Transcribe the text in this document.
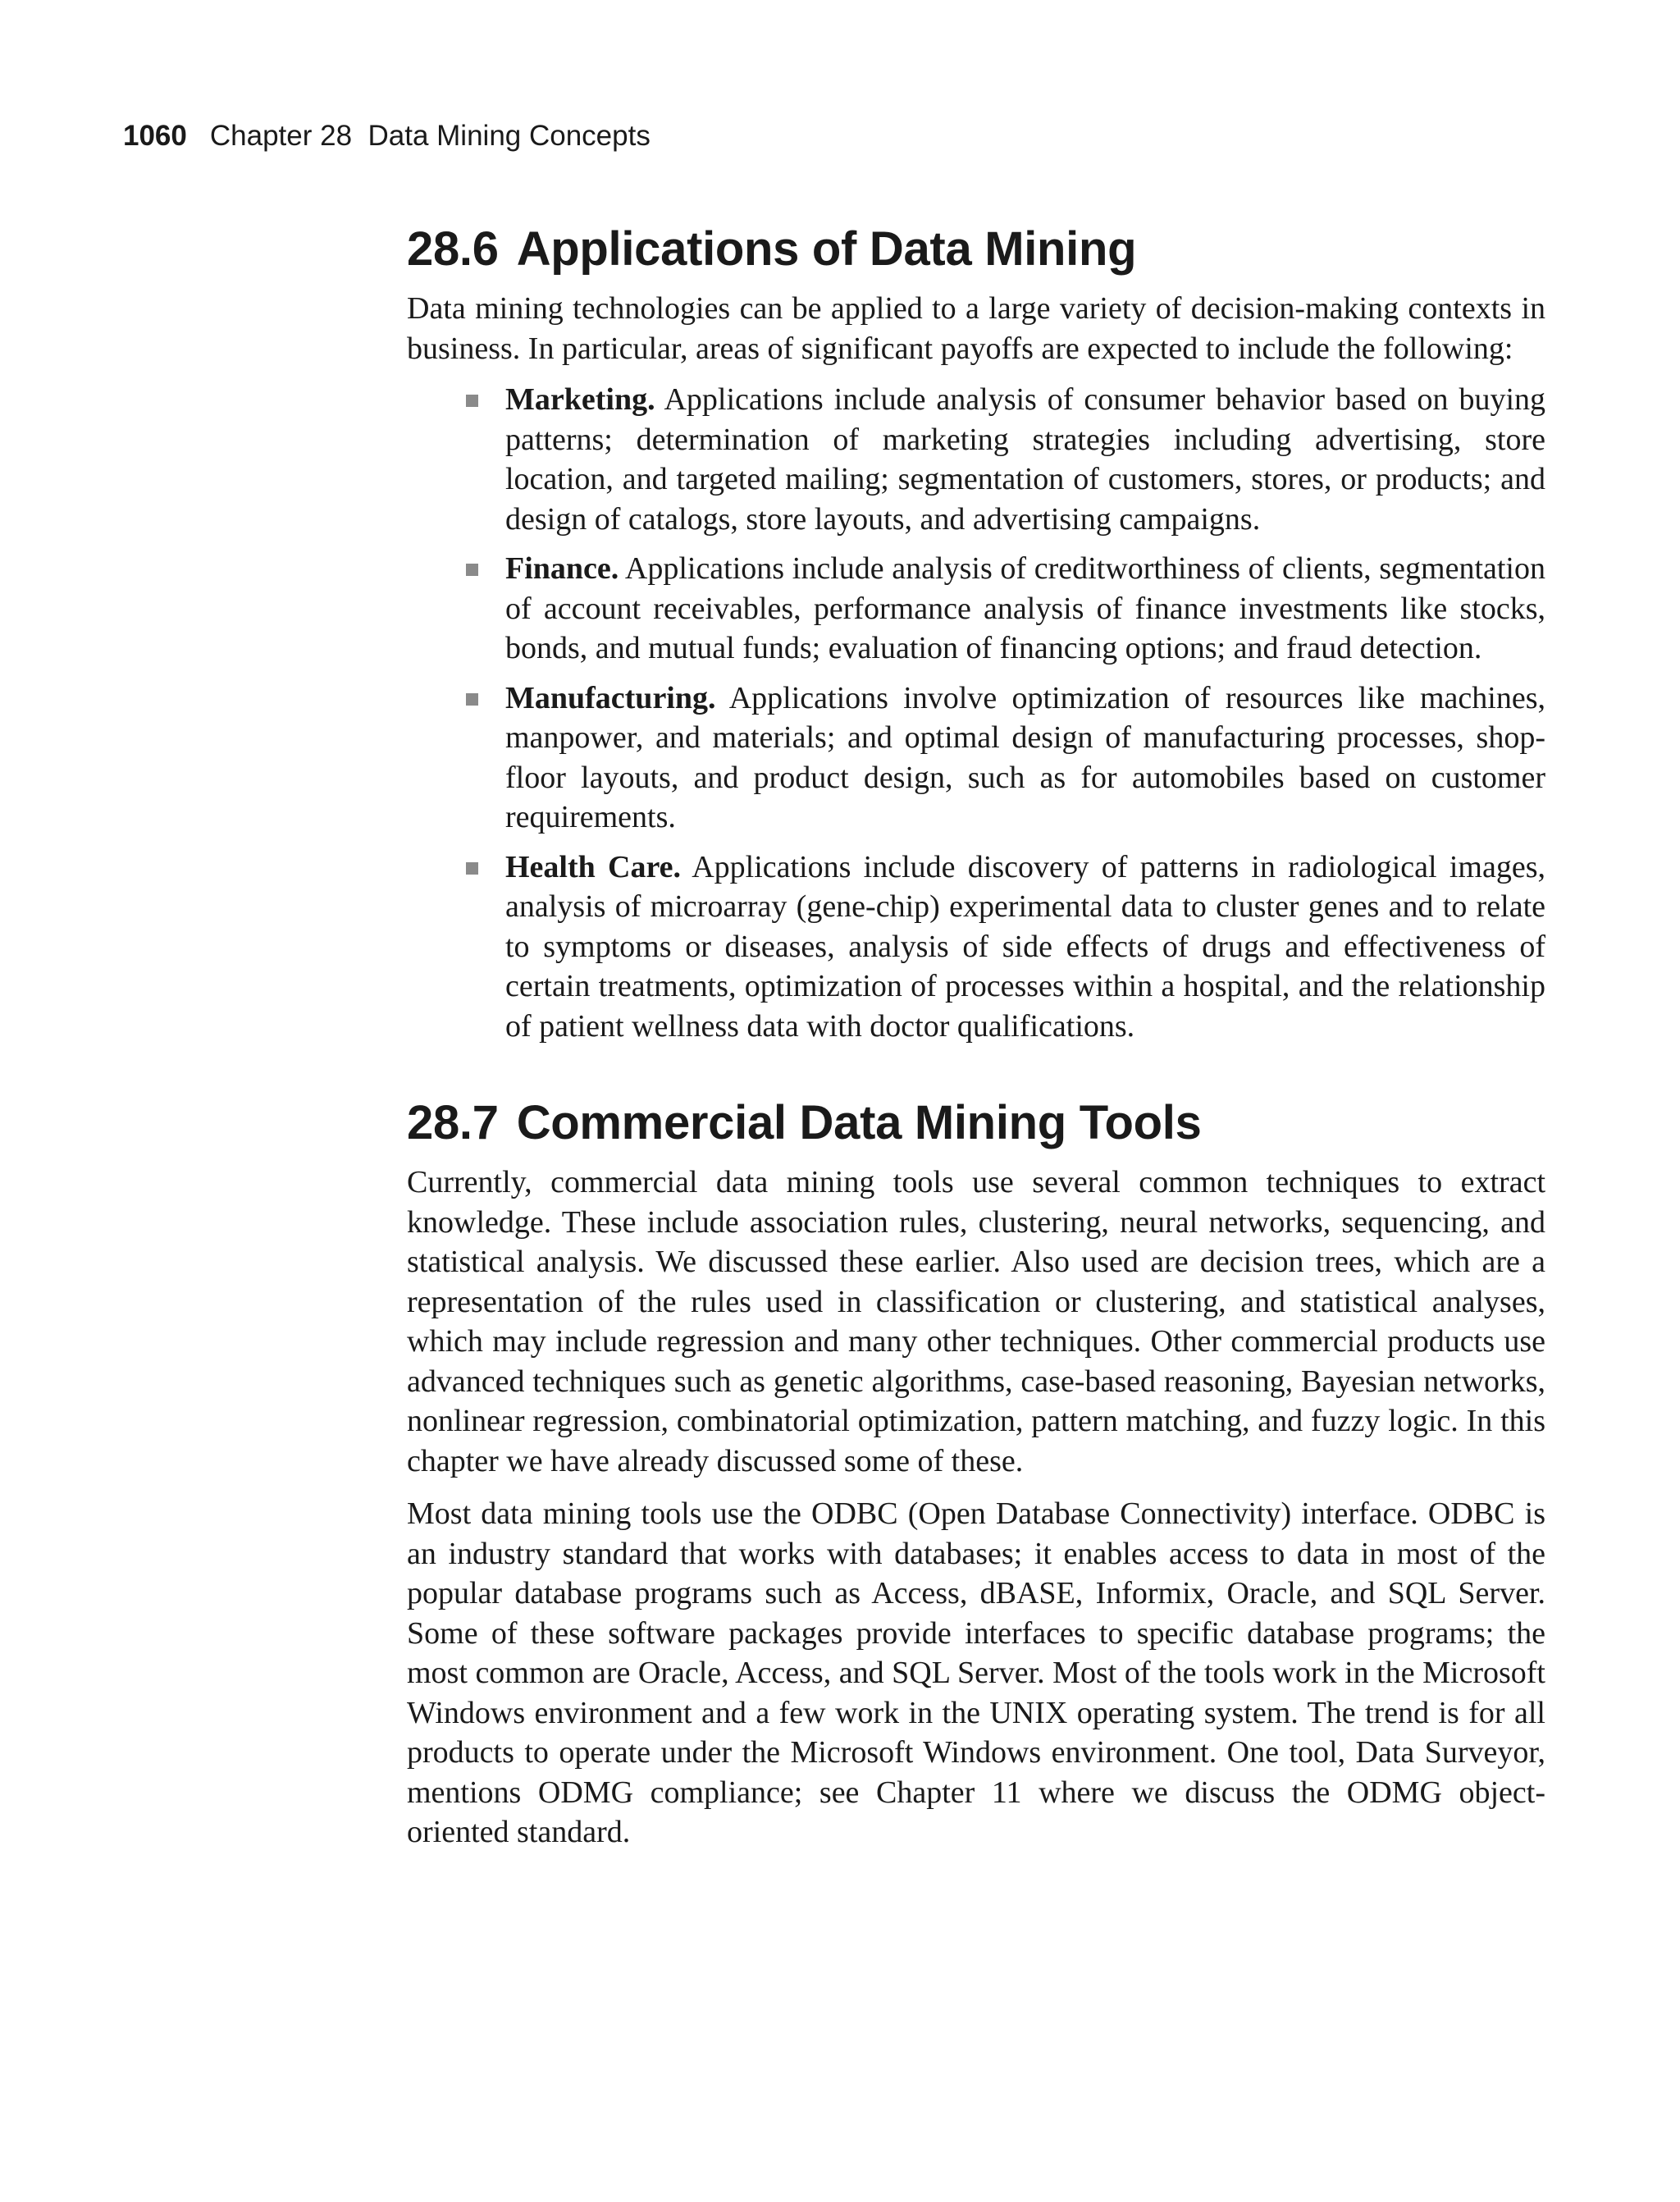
1060 Chapter 28  Data Mining Concepts
28.6 Applications of Data Mining

Data mining technologies can be applied to a large variety of decision-making contexts in business. In particular, areas of significant payoffs are expected to include the following:

Marketing. Applications include analysis of consumer behavior based on buying patterns; determination of marketing strategies including advertising, store location, and targeted mailing; segmentation of customers, stores, or products; and design of catalogs, store layouts, and advertising campaigns.
Finance. Applications include analysis of creditworthiness of clients, segmentation of account receivables, performance analysis of finance investments like stocks, bonds, and mutual funds; evaluation of financing options; and fraud detection.
Manufacturing. Applications involve optimization of resources like machines, manpower, and materials; and optimal design of manufacturing processes, shop-floor layouts, and product design, such as for automobiles based on customer requirements.
Health Care. Applications include discovery of patterns in radiological images, analysis of microarray (gene-chip) experimental data to cluster genes and to relate to symptoms or diseases, analysis of side effects of drugs and effectiveness of certain treatments, optimization of processes within a hospital, and the relationship of patient wellness data with doctor qualifications.
28.7 Commercial Data Mining Tools

Currently, commercial data mining tools use several common techniques to extract knowledge. These include association rules, clustering, neural networks, sequencing, and statistical analysis. We discussed these earlier. Also used are decision trees, which are a representation of the rules used in classification or clustering, and statistical analyses, which may include regression and many other techniques. Other commercial products use advanced techniques such as genetic algorithms, case-based reasoning, Bayesian networks, nonlinear regression, combinatorial optimization, pattern matching, and fuzzy logic. In this chapter we have already discussed some of these.

Most data mining tools use the ODBC (Open Database Connectivity) interface. ODBC is an industry standard that works with databases; it enables access to data in most of the popular database programs such as Access, dBASE, Informix, Oracle, and SQL Server. Some of these software packages provide interfaces to specific database programs; the most common are Oracle, Access, and SQL Server. Most of the tools work in the Microsoft Windows environment and a few work in the UNIX operating system. The trend is for all products to operate under the Microsoft Windows environment. One tool, Data Surveyor, mentions ODMG compliance; see Chapter 11 where we discuss the ODMG object-oriented standard.
